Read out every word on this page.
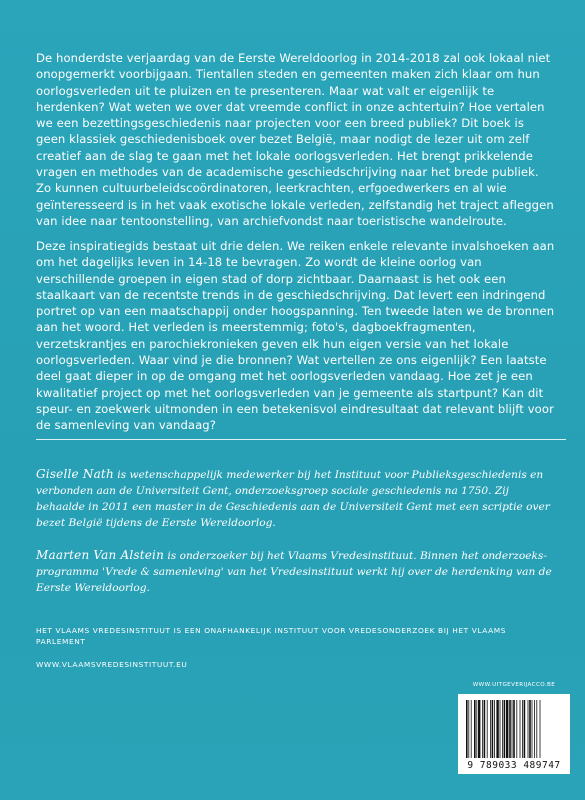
De honderdste verjaardag van de Eerste Wereldoorlog in 2014-2018 zal ook lokaal niet onopgemerkt voorbijgaan. Tientallen steden en gemeenten maken zich klaar om hun oorlogsverleden uit te pluizen en te presenteren. Maar wat valt er eigenlijk te herdenken? Wat weten we over dat vreemde conflict in onze achtertuin? Hoe vertalen we een bezettingsgeschiedenis naar projecten voor een breed publiek? Dit boek is geen klassiek geschiedenisboek over bezet België, maar nodigt de lezer uit om zelf creatief aan de slag te gaan met het lokale oorlogsverleden. Het brengt prikkelende vragen en methodes van de academische geschiedschrijving naar het brede publiek. Zo kunnen cultuurbeleidscoördinatoren, leerkrachten, erfgoedwerkers en al wie geïnteresseerd is in het vaak exotische lokale verleden, zelfstandig het traject afleggen van idee naar tentoonstelling, van archiefvondst naar toeristische wandelroute.

Deze inspiratiegids bestaat uit drie delen. We reiken enkele relevante invalshoeken aan om het dagelijks leven in 14-18 te bevragen. Zo wordt de kleine oorlog van verschillende groepen in eigen stad of dorp zichtbaar. Daarnaast is het ook een staalkaart van de recentste trends in de geschiedschrijving. Dat levert een indringend portret op van een maatschappij onder hoogspanning. Ten tweede laten we de bronnen aan het woord. Het verleden is meerstemmig; foto's, dagboekfragmenten, verzetskrantjes en parochiekronieken geven elk hun eigen versie van het lokale oorlogsverleden. Waar vind je die bronnen? Wat vertellen ze ons eigenlijk? Een laatste deel gaat dieper in op de omgang met het oorlogsverleden vandaag. Hoe zet je een kwalitatief project op met het oorlogsverleden van je gemeente als startpunt? Kan dit speur- en zoekwerk uitmonden in een betekenisvol eindresultaat dat relevant blijft voor de samenleving van vandaag?

Giselle Nath is wetenschappelijk medewerker bij het Instituut voor Publieksgeschiedenis en verbonden aan de Universiteit Gent, onderzoeksgroep sociale geschiedenis na 1750. Zij behaalde in 2011 een master in de Geschiedenis aan de Universiteit Gent met een scriptie over bezet België tijdens de Eerste Wereldoorlog.

Maarten Van Alstein is onderzoeker bij het Vlaams Vredesinstituut. Binnen het onderzoeks-programma 'Vrede & samenleving' van het Vredesinstituut werkt hij over de herdenking van de Eerste Wereldoorlog.

HET VLAAMS VREDESINSTITUUT IS EEN ONAFHANKELIJK INSTITUUT VOOR VREDESONDERZOEK BIJ HET VLAAMS PARLEMENT

WWW.VLAAMSVREDESINSTITUUT.EU

WWW.UITGEVERIJACCO.BE
9 789033 489747
